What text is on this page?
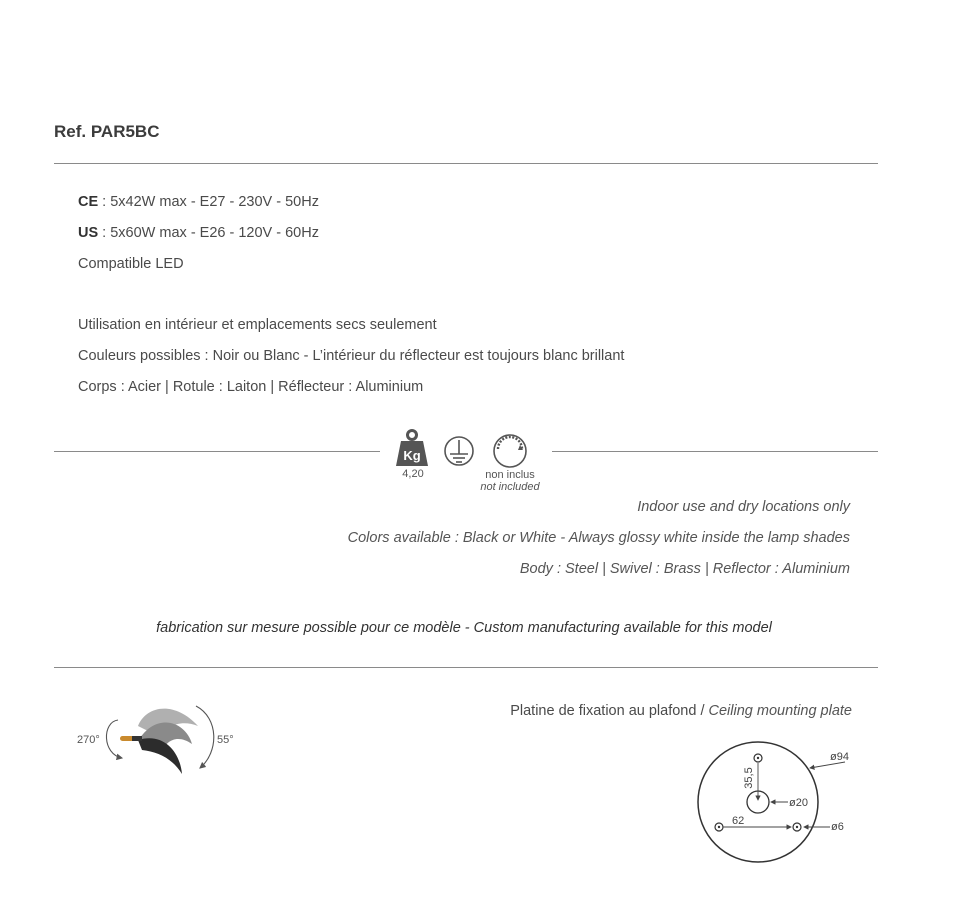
Ref. PAR5BC
CE : 5x42W max - E27 - 230V - 50Hz
US : 5x60W max - E26 - 120V - 60Hz
Compatible LED
Utilisation en intérieur et emplacements secs seulement
Couleurs possibles : Noir ou Blanc - L’intérieur du réflecteur est toujours blanc brillant
Corps : Acier | Rotule : Laiton | Réflecteur : Aluminium
Kg
4,20	non inclus
not included
Indoor use and dry locations only
Colors available : Black or White - Always glossy white inside the lamp shades
Body : Steel | Swivel : Brass | Reflector : Aluminium
fabrication sur mesure possible pour ce modèle - Custom manufacturing available for this model
270°	55°
Platine de fixation au plafond / Ceiling mounting plate
35,5
62
ø94
ø20
ø6
